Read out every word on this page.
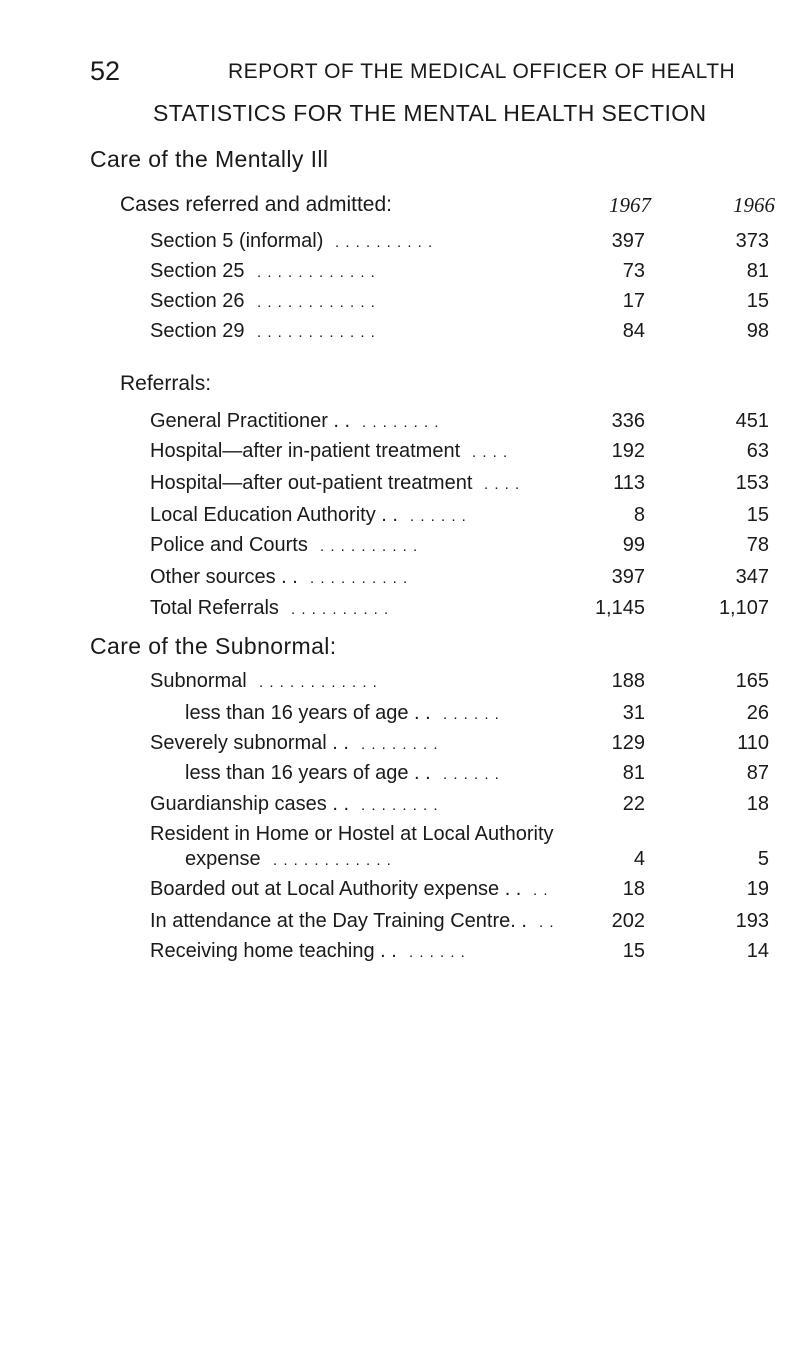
52	REPORT OF THE MEDICAL OFFICER OF HEALTH
STATISTICS FOR THE MENTAL HEALTH SECTION
Care of the Mentally Ill
Cases referred and admitted:	1967	1966
Section 5 (informal) . . . . . . . . . .	397	373
Section 25 . . . . . . . . . . . .	73	81
Section 26 . . . . . . . . . . . .	17	15
Section 29 . . . . . . . . . . . .	84	98
Referrals:
General Practitioner . . . . . . . . . .	336	451
Hospital—after in-patient treatment . . . .	192	63
Hospital—after out-patient treatment . . . .	113	153
Local Education Authority . . . . . . . .	8	15
Police and Courts . . . . . . . . . .	99	78
Other sources . . . . . . . . . . . .	397	347
Total Referrals . . . . . . . . . .	1,145	1,107
Care of the Subnormal:
Subnormal . . . . . . . . . . . .	188	165
less than 16 years of age . . . . . . . .	31	26
Severely subnormal . . . . . . . . . .	129	110
less than 16 years of age . . . . . . . .	81	87
Guardianship cases . . . . . . . . . .	22	18
Resident in Home or Hostel at Local Authority
expense . . . . . . . . . . . .	4	5
Boarded out at Local Authority expense . . . .	18	19
In attendance at the Day Training Centre. . . .	202	193
Receiving home teaching . . . . . . . .	15	14
